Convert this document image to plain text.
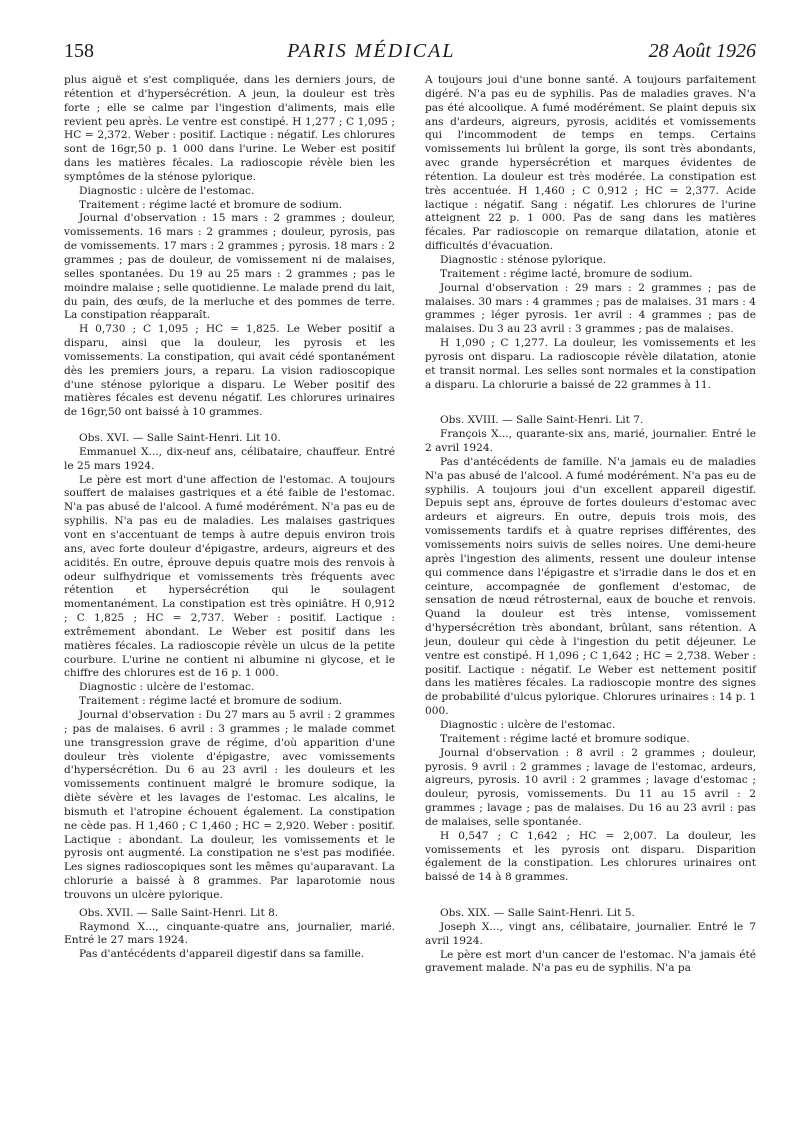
158	PARIS MÉDICAL	28 Août 1926

plus aiguë et s'est compliquée, dans les derniers jours, de rétention et d'hypersécrétion. A jeun, la douleur est très forte ; elle se calme par l'ingestion d'aliments, mais elle revient peu après. Le ventre est constipé. H 1,277 ; C 1,095 ; HC = 2,372. Weber : positif. Lactique : négatif. Les chlorures sont de 16gr,50 p. 1 000 dans l'urine. Le Weber est positif dans les matières fécales. La radioscopie révèle bien les symptômes de la sténose pylorique.

Diagnostic : ulcère de l'estomac.

Traitement : régime lacté et bromure de sodium.

Journal d'observation : 15 mars : 2 grammes ; douleur, vomissements. 16 mars : 2 grammes ; douleur, pyrosis, pas de vomissements. 17 mars : 2 grammes ; pyrosis. 18 mars : 2 grammes ; pas de douleur, de vomissement ni de malaises, selles spontanées. Du 19 au 25 mars : 2 grammes ; pas le moindre malaise ; selle quotidienne. Le malade prend du lait, du pain, des œufs, de la merluche et des pommes de terre. La constipation réapparaît.

H 0,730 ; C 1,095 ; HC = 1,825. Le Weber positif a disparu, ainsi que la douleur, les pyrosis et les vomissements. La constipation, qui avait cédé spontanément dès les premiers jours, a reparu. La vision radioscopique d'une sténose pylorique a disparu. Le Weber positif des matières fécales est devenu négatif. Les chlorures urinaires de 16gr,50 ont baissé à 10 grammes.

Obs. XVI. — Salle Saint-Henri. Lit 10.

Emmanuel X..., dix-neuf ans, célibataire, chauffeur. Entré le 25 mars 1924.

Le père est mort d'une affection de l'estomac. A toujours souffert de malaises gastriques et a été faible de l'estomac. N'a pas abusé de l'alcool. A fumé modérément. N'a pas eu de syphilis. N'a pas eu de maladies. Les malaises gastriques vont en s'accentuant de temps à autre depuis environ trois ans, avec forte douleur d'épigastre, ardeurs, aigreurs et des acidités. En outre, éprouve depuis quatre mois des renvois à odeur sulfhydrique et vomissements très fréquents avec rétention et hypersécrétion qui le soulagent momentanément. La constipation est très opiniâtre. H 0,912 ; C 1,825 ; HC = 2,737. Weber : positif. Lactique : extrêmement abondant. Le Weber est positif dans les matières fécales. La radioscopie révèle un ulcus de la petite courbure. L'urine ne contient ni albumine ni glycose, et le chiffre des chlorures est de 16 p. 1 000.

Diagnostic : ulcère de l'estomac.

Traitement : régime lacté et bromure de sodium.

Journal d'observation : Du 27 mars au 5 avril : 2 grammes ; pas de malaises. 6 avril : 3 grammes ; le malade commet une transgression grave de régime, d'où apparition d'une douleur très violente d'épigastre, avec vomissements d'hypersécrétion. Du 6 au 23 avril : les douleurs et les vomissements continuent malgré le bromure sodique, la diète sévère et les lavages de l'estomac. Les alcalins, le bismuth et l'atropine échouent également. La constipation ne cède pas. H 1,460 ; C 1,460 ; HC = 2,920. Weber : positif. Lactique : abondant. La douleur, les vomissements et le pyrosis ont augmenté. La constipation ne s'est pas modifiée. Les signes radioscopiques sont les mêmes qu'auparavant. La chlorurie a baissé à 8 grammes. Par laparotomie nous trouvons un ulcère pylorique.

Obs. XVII. — Salle Saint-Henri. Lit 8.

Raymond X..., cinquante-quatre ans, journalier, marié. Entré le 27 mars 1924.

Pas d'antécédents d'appareil digestif dans sa famille.

A toujours joui d'une bonne santé. A toujours parfaitement digéré. N'a pas eu de syphilis. Pas de maladies graves. N'a pas été alcoolique. A fumé modérément. Se plaint depuis six ans d'ardeurs, aigreurs, pyrosis, acidités et vomissements qui l'incommodent de temps en temps. Certains vomissements lui brûlent la gorge, ils sont très abondants, avec grande hypersécrétion et marques évidentes de rétention. La douleur est très modérée. La constipation est très accentuée. H 1,460 ; C 0,912 ; HC = 2,377. Acide lactique : négatif. Sang : négatif. Les chlorures de l'urine atteignent 22 p. 1 000. Pas de sang dans les matières fécales. Par radioscopie on remarque dilatation, atonie et difficultés d'évacuation.

Diagnostic : sténose pylorique.

Traitement : régime lacté, bromure de sodium.

Journal d'observation : 29 mars : 2 grammes ; pas de malaises. 30 mars : 4 grammes ; pas de malaises. 31 mars : 4 grammes ; léger pyrosis. 1er avril : 4 grammes ; pas de malaises. Du 3 au 23 avril : 3 grammes ; pas de malaises.

H 1,090 ; C 1,277. La douleur, les vomissements et les pyrosis ont disparu. La radioscopie révèle dilatation, atonie et transit normal. Les selles sont normales et la constipation a disparu. La chlorurie a baissé de 22 grammes à 11.

Obs. XVIII. — Salle Saint-Henri. Lit 7.

François X..., quarante-six ans, marié, journalier. Entré le 2 avril 1924.

Pas d'antécédents de famille. N'a jamais eu de maladies N'a pas abusé de l'alcool. A fumé modérément. N'a pas eu de syphilis. A toujours joui d'un excellent appareil digestif. Depuis sept ans, éprouve de fortes douleurs d'estomac avec ardeurs et aigreurs. En outre, depuis trois mois, des vomissements tardifs et à quatre reprises différentes, des vomissements noirs suivis de selles noires. Une demi-heure après l'ingestion des aliments, ressent une douleur intense qui commence dans l'épigastre et s'irradie dans le dos et en ceinture, accompagnée de gonflement d'estomac, de sensation de nœud rétrosternal, eaux de bouche et renvois. Quand la douleur est très intense, vomissement d'hypersécrétion très abondant, brûlant, sans rétention. A jeun, douleur qui cède à l'ingestion du petit déjeuner. Le ventre est constipé. H 1,096 ; C 1,642 ; HC = 2,738. Weber : positif. Lactique : négatif. Le Weber est nettement positif dans les matières fécales. La radioscopie montre des signes de probabilité d'ulcus pylorique. Chlorures urinaires : 14 p. 1 000.

Diagnostic : ulcère de l'estomac.

Traitement : régime lacté et bromure sodique.

Journal d'observation : 8 avril : 2 grammes ; douleur, pyrosis. 9 avril : 2 grammes ; lavage de l'estomac, ardeurs, aigreurs, pyrosis. 10 avril : 2 grammes ; lavage d'estomac ; douleur, pyrosis, vomissements. Du 11 au 15 avril : 2 grammes ; lavage ; pas de malaises. Du 16 au 23 avril : pas de malaises, selle spontanée.

H 0,547 ; C 1,642 ; HC = 2,007. La douleur, les vomissements et les pyrosis ont disparu. Disparition également de la constipation. Les chlorures urinaires ont baissé de 14 à 8 grammes.

Obs. XIX. — Salle Saint-Henri. Lit 5.

Joseph X..., vingt ans, célibataire, journalier. Entré le 7 avril 1924.

Le père est mort d'un cancer de l'estomac. N'a jamais été gravement malade. N'a pas eu de syphilis. N'a pa
